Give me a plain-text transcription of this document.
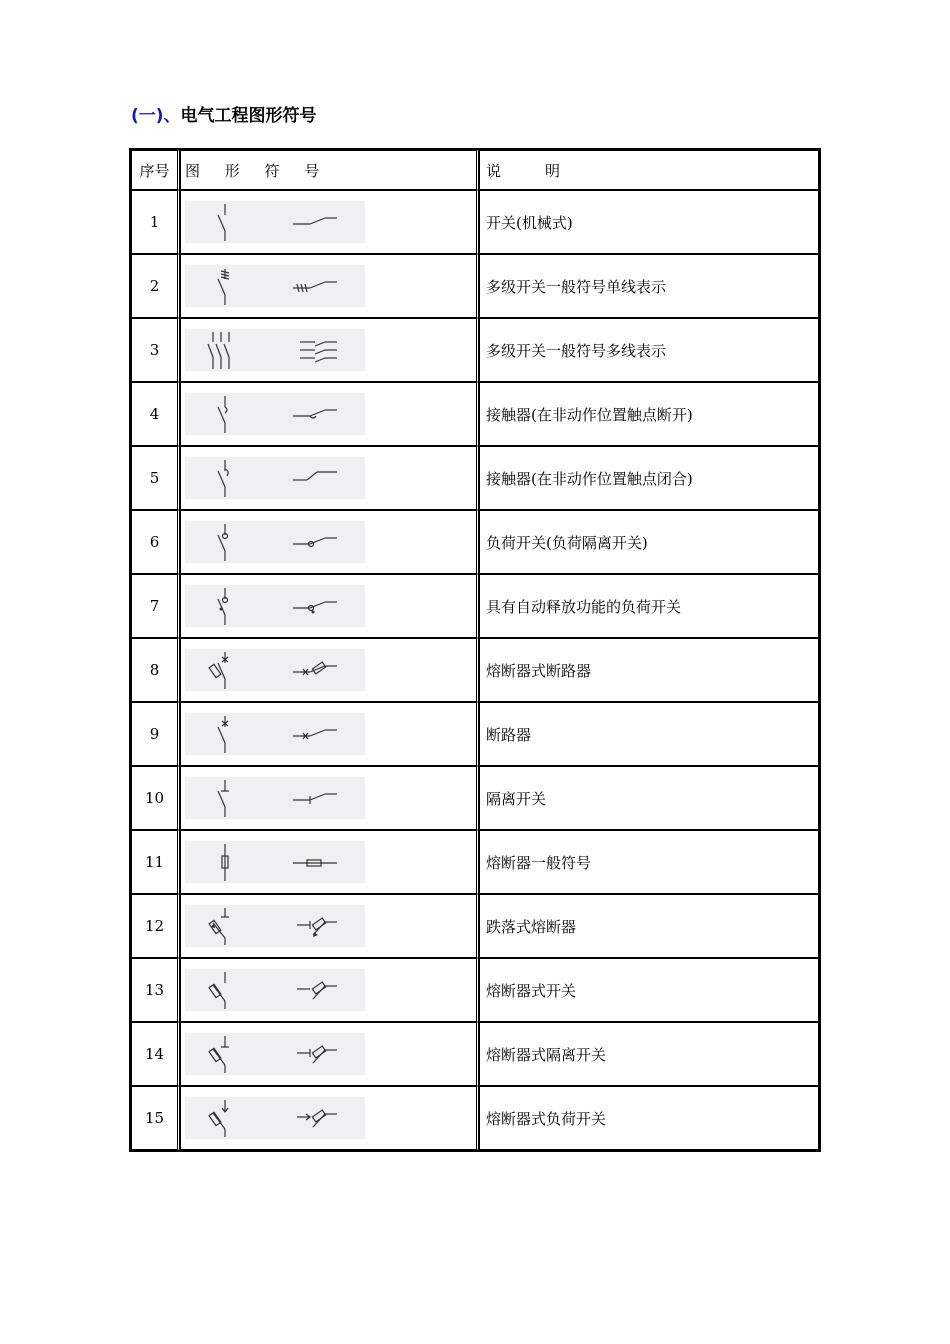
(一)、电气工程图形符号
序号	图 形 符 号	说 明
1		开关(机械式)
2		多级开关一般符号单线表示
3		多级开关一般符号多线表示
4		接触器(在非动作位置触点断开)
5		接触器(在非动作位置触点闭合)
6		负荷开关(负荷隔离开关)
7		具有自动释放功能的负荷开关
8		熔断器式断路器
9		断路器
10		隔离开关
11		熔断器一般符号
12		跌落式熔断器
13		熔断器式开关
14		熔断器式隔离开关
15		熔断器式负荷开关
